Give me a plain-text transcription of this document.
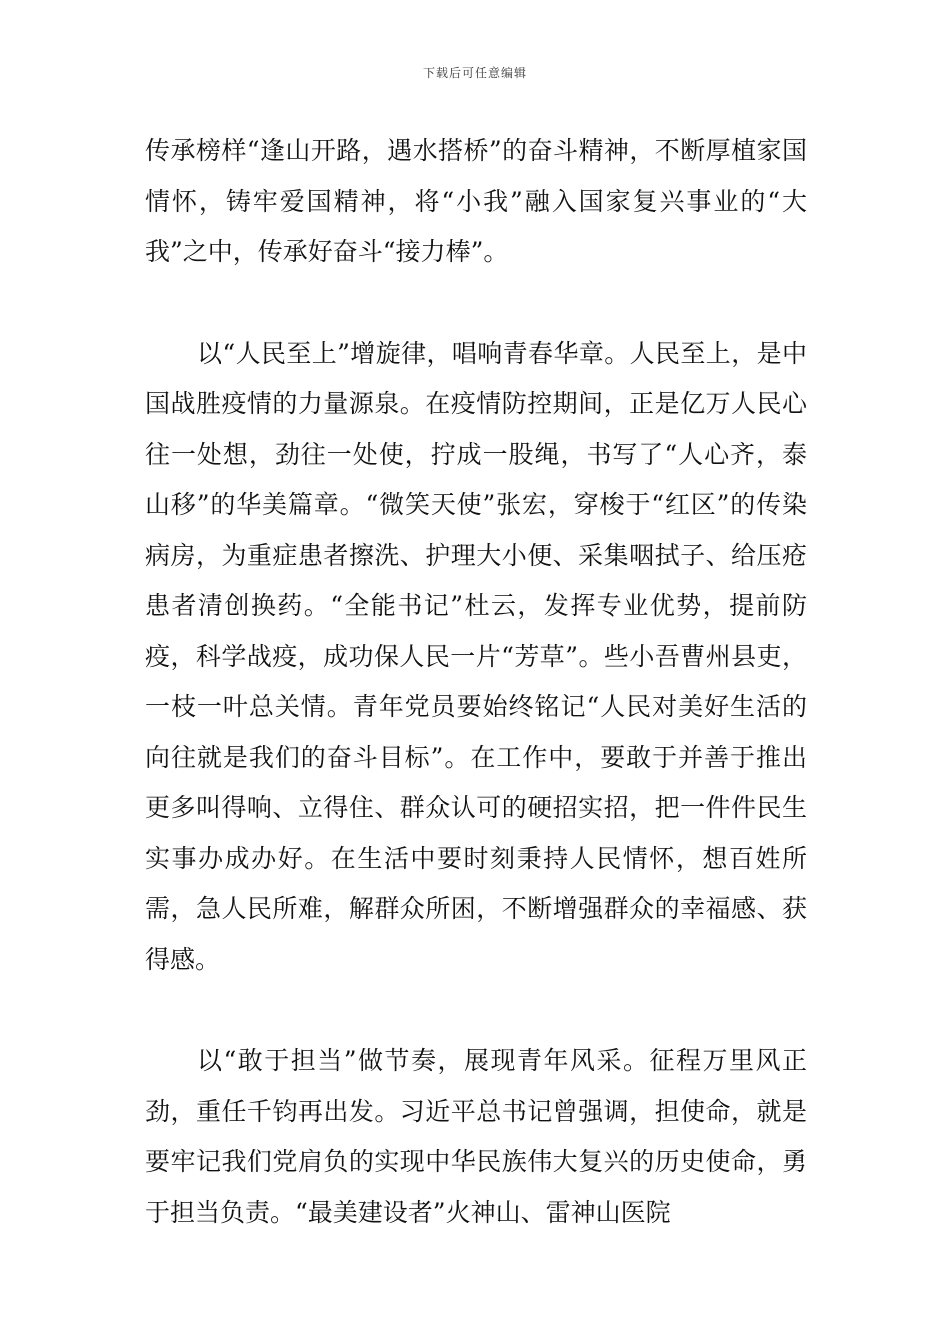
下载后可任意编辑

传承榜样“逢山开路，遇水搭桥”的奋斗精神，不断厚植家国情怀，铸牢爱国精神，将“小我”融入国家复兴事业的“大我”之中，传承好奋斗“接力棒”。

以“人民至上”增旋律，唱响青春华章。人民至上，是中国战胜疫情的力量源泉。在疫情防控期间，正是亿万人民心往一处想，劲往一处使，拧成一股绳，书写了“人心齐，泰山移”的华美篇章。“微笑天使”张宏，穿梭于“红区”的传染病房，为重症患者擦洗、护理大小便、采集咽拭子、给压疮患者清创换药。“全能书记”杜云，发挥专业优势，提前防疫，科学战疫，成功保人民一片“芳草”。些小吾曹州县吏，一枝一叶总关情。青年党员要始终铭记“人民对美好生活的向往就是我们的奋斗目标”。在工作中，要敢于并善于推出更多叫得响、立得住、群众认可的硬招实招，把一件件民生实事办成办好。在生活中要时刻秉持人民情怀，想百姓所需，急人民所难，解群众所困，不断增强群众的幸福感、获得感。

以“敢于担当”做节奏，展现青年风采。征程万里风正劲，重任千钧再出发。习近平总书记曾强调，担使命，就是要牢记我们党肩负的实现中华民族伟大复兴的历史使命，勇于担当负责。“最美建设者”火神山、雷神山医院
